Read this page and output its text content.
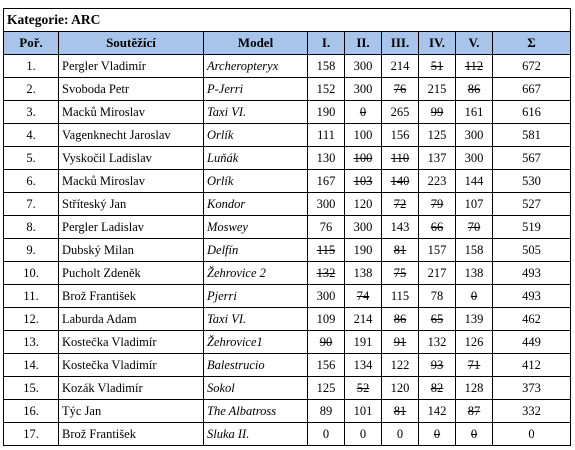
Kategorie: ARC								
Poř.	Soutěžící	Model	I.	II.	III.	IV.	V.	Σ
1.	Pergler Vladimír	Archeropteryx	158	300	214	51	112	672
2.	Svoboda Petr	P-Jerri	152	300	76	215	86	667
3.	Macků Miroslav	Taxi VI.	190	0	265	99	161	616
4.	Vagenknecht Jaroslav	Orlík	111	100	156	125	300	581
5.	Vyskočil Ladislav	Luňák	130	100	110	137	300	567
6.	Macků Miroslav	Orlík	167	103	140	223	144	530
7.	Stříteský Jan	Kondor	300	120	72	79	107	527
8.	Pergler Ladislav	Moswey	76	300	143	66	70	519
9.	Dubský Milan	Delfín	115	190	81	157	158	505
10.	Pucholt Zdeněk	Žehrovice 2	132	138	75	217	138	493
11.	Brož František	Pjerri	300	74	115	78	0	493
12.	Laburda Adam	Taxi VI.	109	214	86	65	139	462
13.	Kostečka Vladimír	Žehrovice1	90	191	91	132	126	449
14.	Kostečka Vladimír	Balestrucio	156	134	122	93	71	412
15.	Kozák Vladimír	Sokol	125	52	120	82	128	373
16.	Týc Jan	The Albatross	89	101	81	142	87	332
17.	Brož František	Sluka II.	0	0	0	0	0	0
